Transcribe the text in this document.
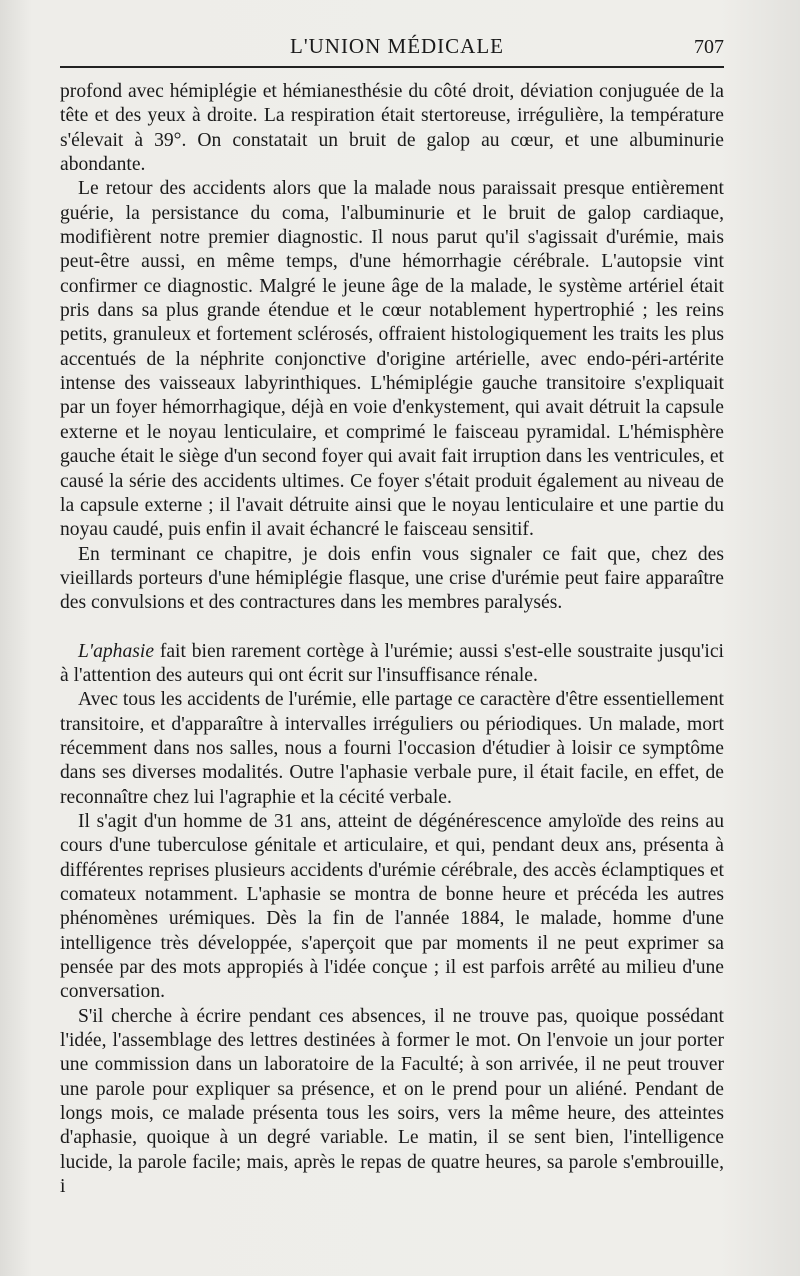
L'UNION MÉDICALE	707

profond avec hémiplégie et hémianesthésie du côté droit, déviation conjuguée de la tête et des yeux à droite. La respiration était stertoreuse, irrégulière, la température s'élevait à 39°. On constatait un bruit de galop au cœur, et une albuminurie abondante.

Le retour des accidents alors que la malade nous paraissait presque entièrement guérie, la persistance du coma, l'albuminurie et le bruit de galop cardiaque, modifièrent notre premier diagnostic. Il nous parut qu'il s'agissait d'urémie, mais peut-être aussi, en même temps, d'une hémorrhagie cérébrale. L'autopsie vint confirmer ce diagnostic. Malgré le jeune âge de la malade, le système artériel était pris dans sa plus grande étendue et le cœur notablement hypertrophié ; les reins petits, granuleux et fortement sclérosés, offraient histologiquement les traits les plus accentués de la néphrite conjonctive d'origine artérielle, avec endo-péri-artérite intense des vaisseaux labyrinthiques. L'hémiplégie gauche transitoire s'expliquait par un foyer hémorrhagique, déjà en voie d'enkystement, qui avait détruit la capsule externe et le noyau lenticulaire, et comprimé le faisceau pyramidal. L'hémisphère gauche était le siège d'un second foyer qui avait fait irruption dans les ventricules, et causé la série des accidents ultimes. Ce foyer s'était produit également au niveau de la capsule externe ; il l'avait détruite ainsi que le noyau lenticulaire et une partie du noyau caudé, puis enfin il avait échancré le faisceau sensitif.

En terminant ce chapitre, je dois enfin vous signaler ce fait que, chez des vieillards porteurs d'une hémiplégie flasque, une crise d'urémie peut faire apparaître des convulsions et des contractures dans les membres paralysés.

L'aphasie fait bien rarement cortège à l'urémie; aussi s'est-elle soustraite jusqu'ici à l'attention des auteurs qui ont écrit sur l'insuffisance rénale.

Avec tous les accidents de l'urémie, elle partage ce caractère d'être essentiellement transitoire, et d'apparaître à intervalles irréguliers ou périodiques. Un malade, mort récemment dans nos salles, nous a fourni l'occasion d'étudier à loisir ce symptôme dans ses diverses modalités. Outre l'aphasie verbale pure, il était facile, en effet, de reconnaître chez lui l'agraphie et la cécité verbale.

Il s'agit d'un homme de 31 ans, atteint de dégénérescence amyloïde des reins au cours d'une tuberculose génitale et articulaire, et qui, pendant deux ans, présenta à différentes reprises plusieurs accidents d'urémie cérébrale, des accès éclamptiques et comateux notamment. L'aphasie se montra de bonne heure et précéda les autres phénomènes urémiques. Dès la fin de l'année 1884, le malade, homme d'une intelligence très développée, s'aperçoit que par moments il ne peut exprimer sa pensée par des mots appropiés à l'idée conçue ; il est parfois arrêté au milieu d'une conversation.

S'il cherche à écrire pendant ces absences, il ne trouve pas, quoique possédant l'idée, l'assemblage des lettres destinées à former le mot. On l'envoie un jour porter une commission dans un laboratoire de la Faculté; à son arrivée, il ne peut trouver une parole pour expliquer sa présence, et on le prend pour un aliéné. Pendant de longs mois, ce malade présenta tous les soirs, vers la même heure, des atteintes d'aphasie, quoique à un degré variable. Le matin, il se sent bien, l'intelligence lucide, la parole facile; mais, après le repas de quatre heures, sa parole s'embrouille, i
